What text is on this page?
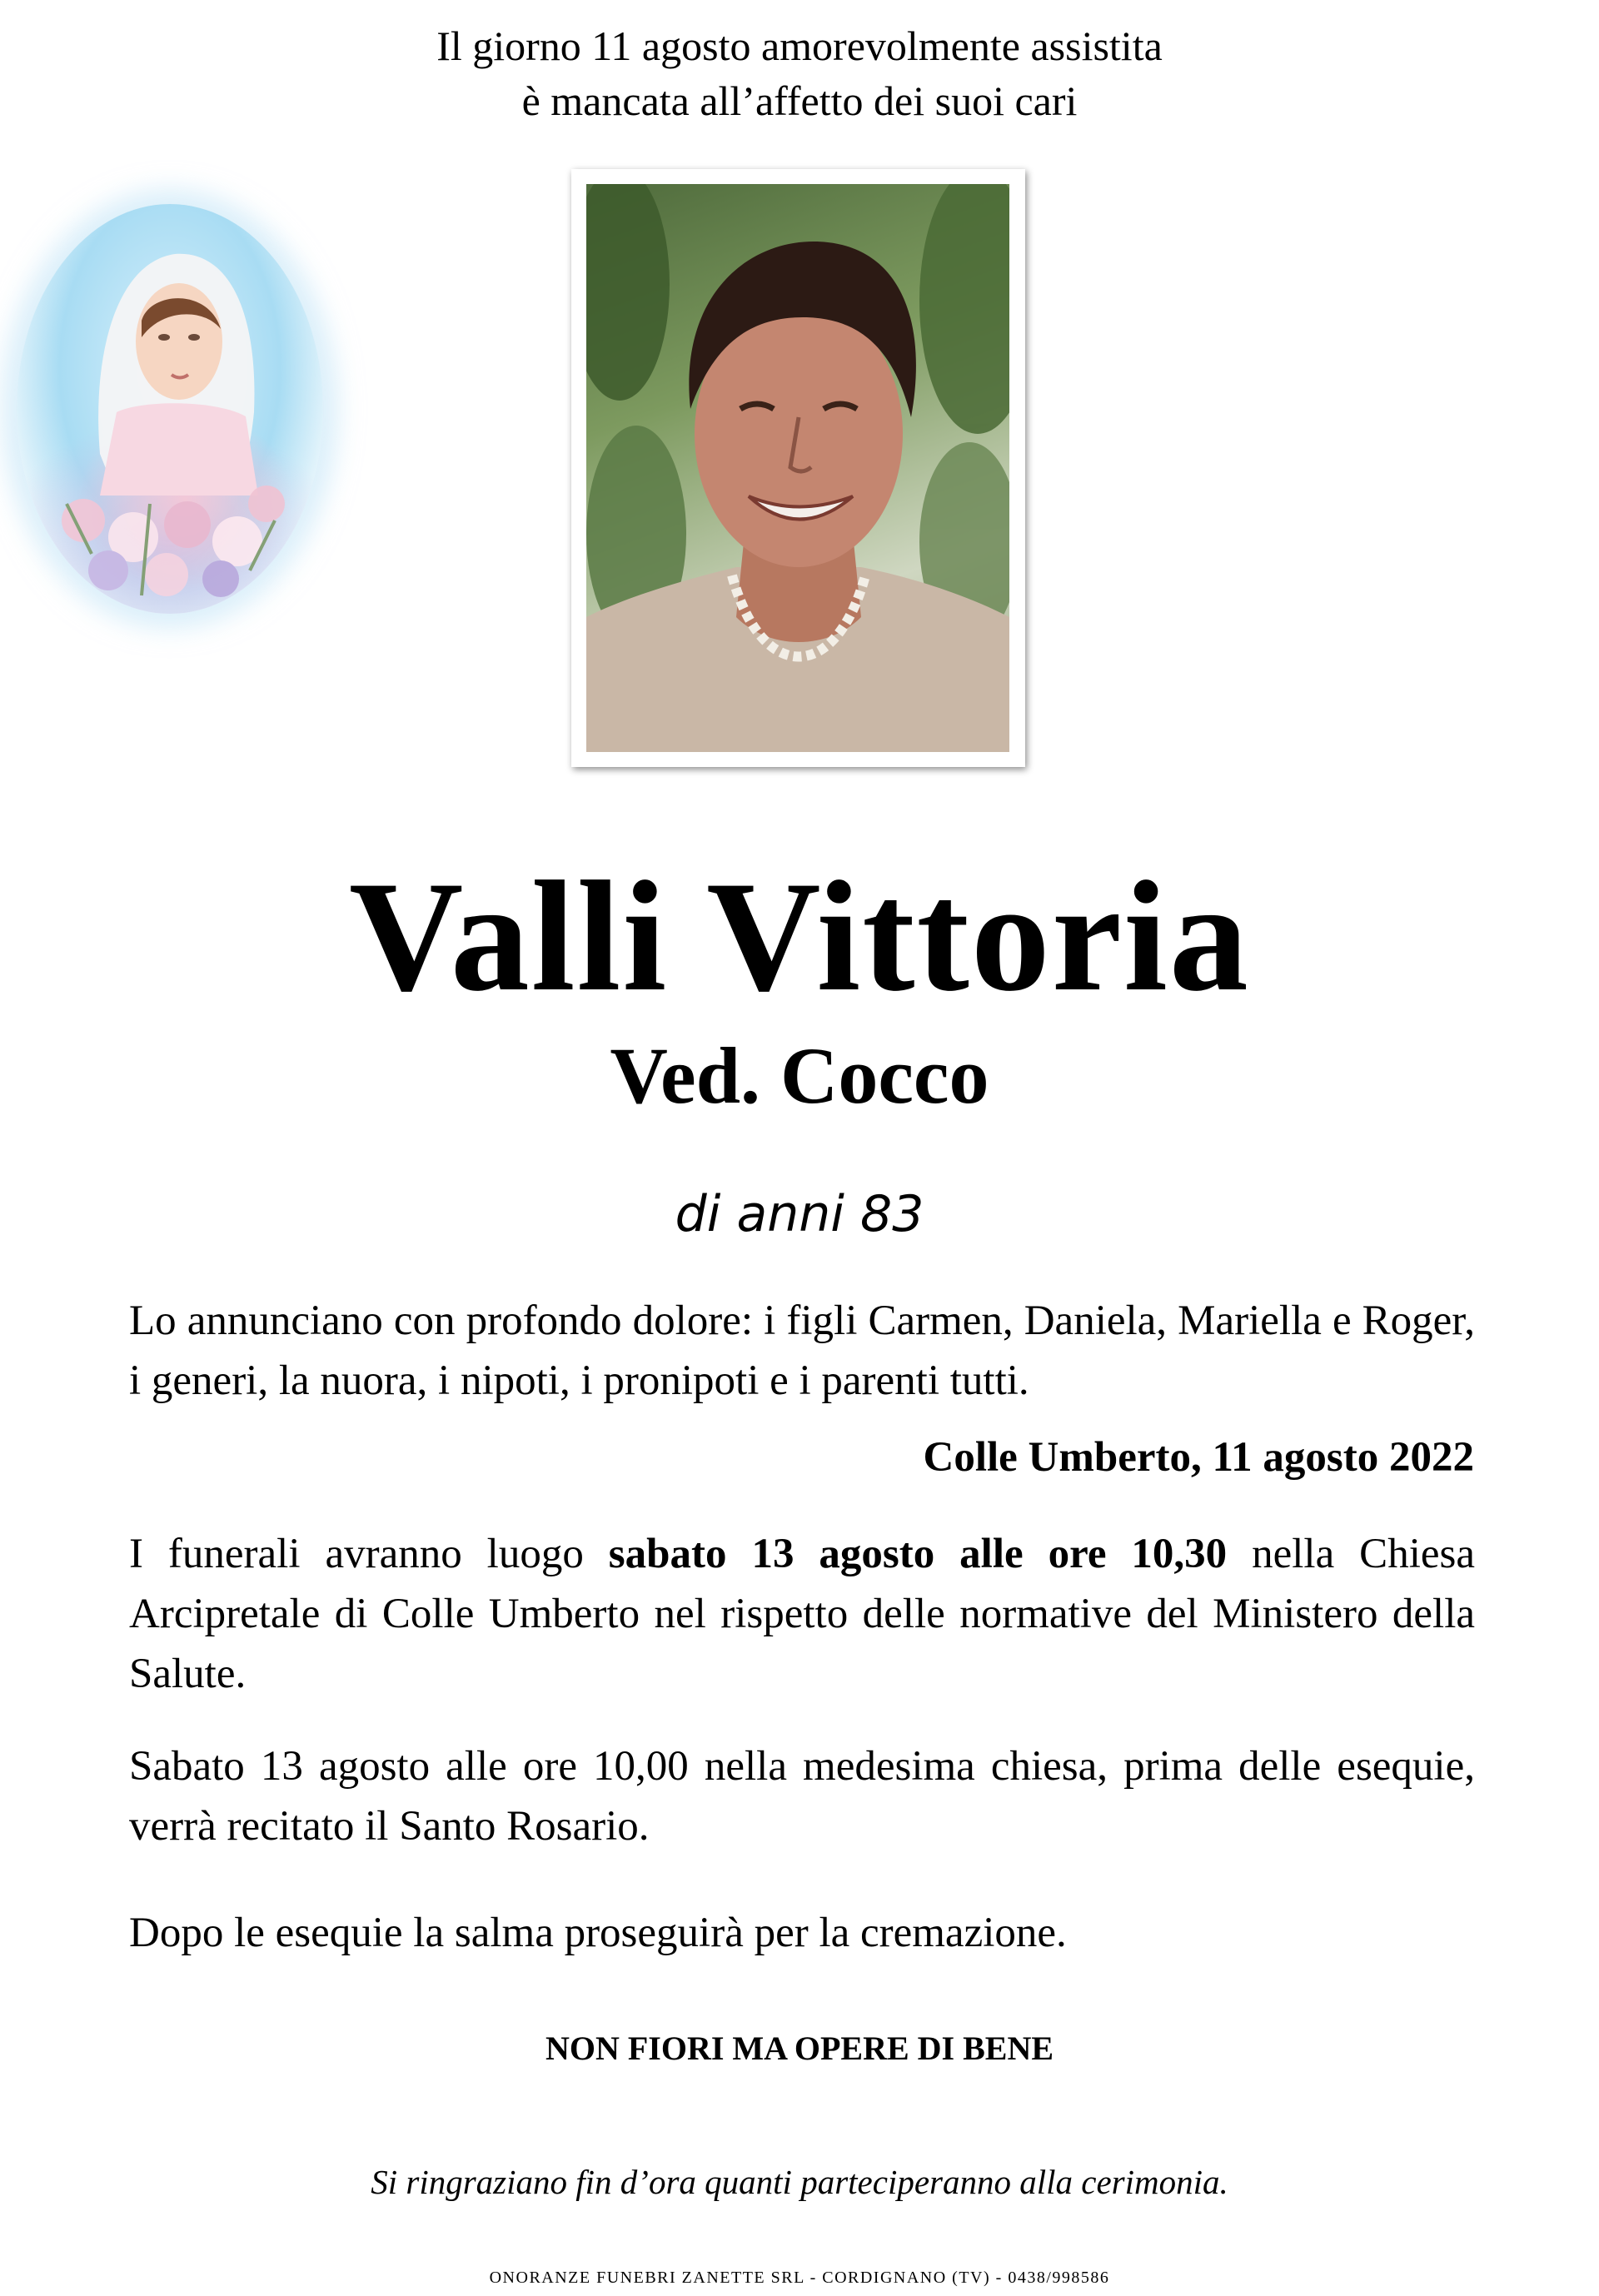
Il giorno 11 agosto amorevolmente assistita
è mancata all’affetto dei suoi cari
Valli Vittoria
Ved. Cocco
di anni 83
Lo annunciano con profondo dolore: i figli Carmen, Daniela, Mariella e Roger, i generi, la nuora, i nipoti, i pronipoti e i parenti tutti.
Colle Umberto, 11 agosto 2022
I funerali avranno luogo sabato 13 agosto alle ore 10,30 nella Chiesa Arcipretale di Colle Umberto nel rispetto delle normative del Ministero della Salute.
Sabato 13 agosto alle ore 10,00 nella medesima chiesa, prima delle esequie, verrà recitato il Santo Rosario.
Dopo le esequie la salma proseguirà per la cremazione.
NON FIORI MA OPERE DI BENE
Si ringraziano fin d’ora quanti parteciperanno alla cerimonia.
ONORANZE FUNEBRI ZANETTE SRL - CORDIGNANO (TV) - 0438/998586
